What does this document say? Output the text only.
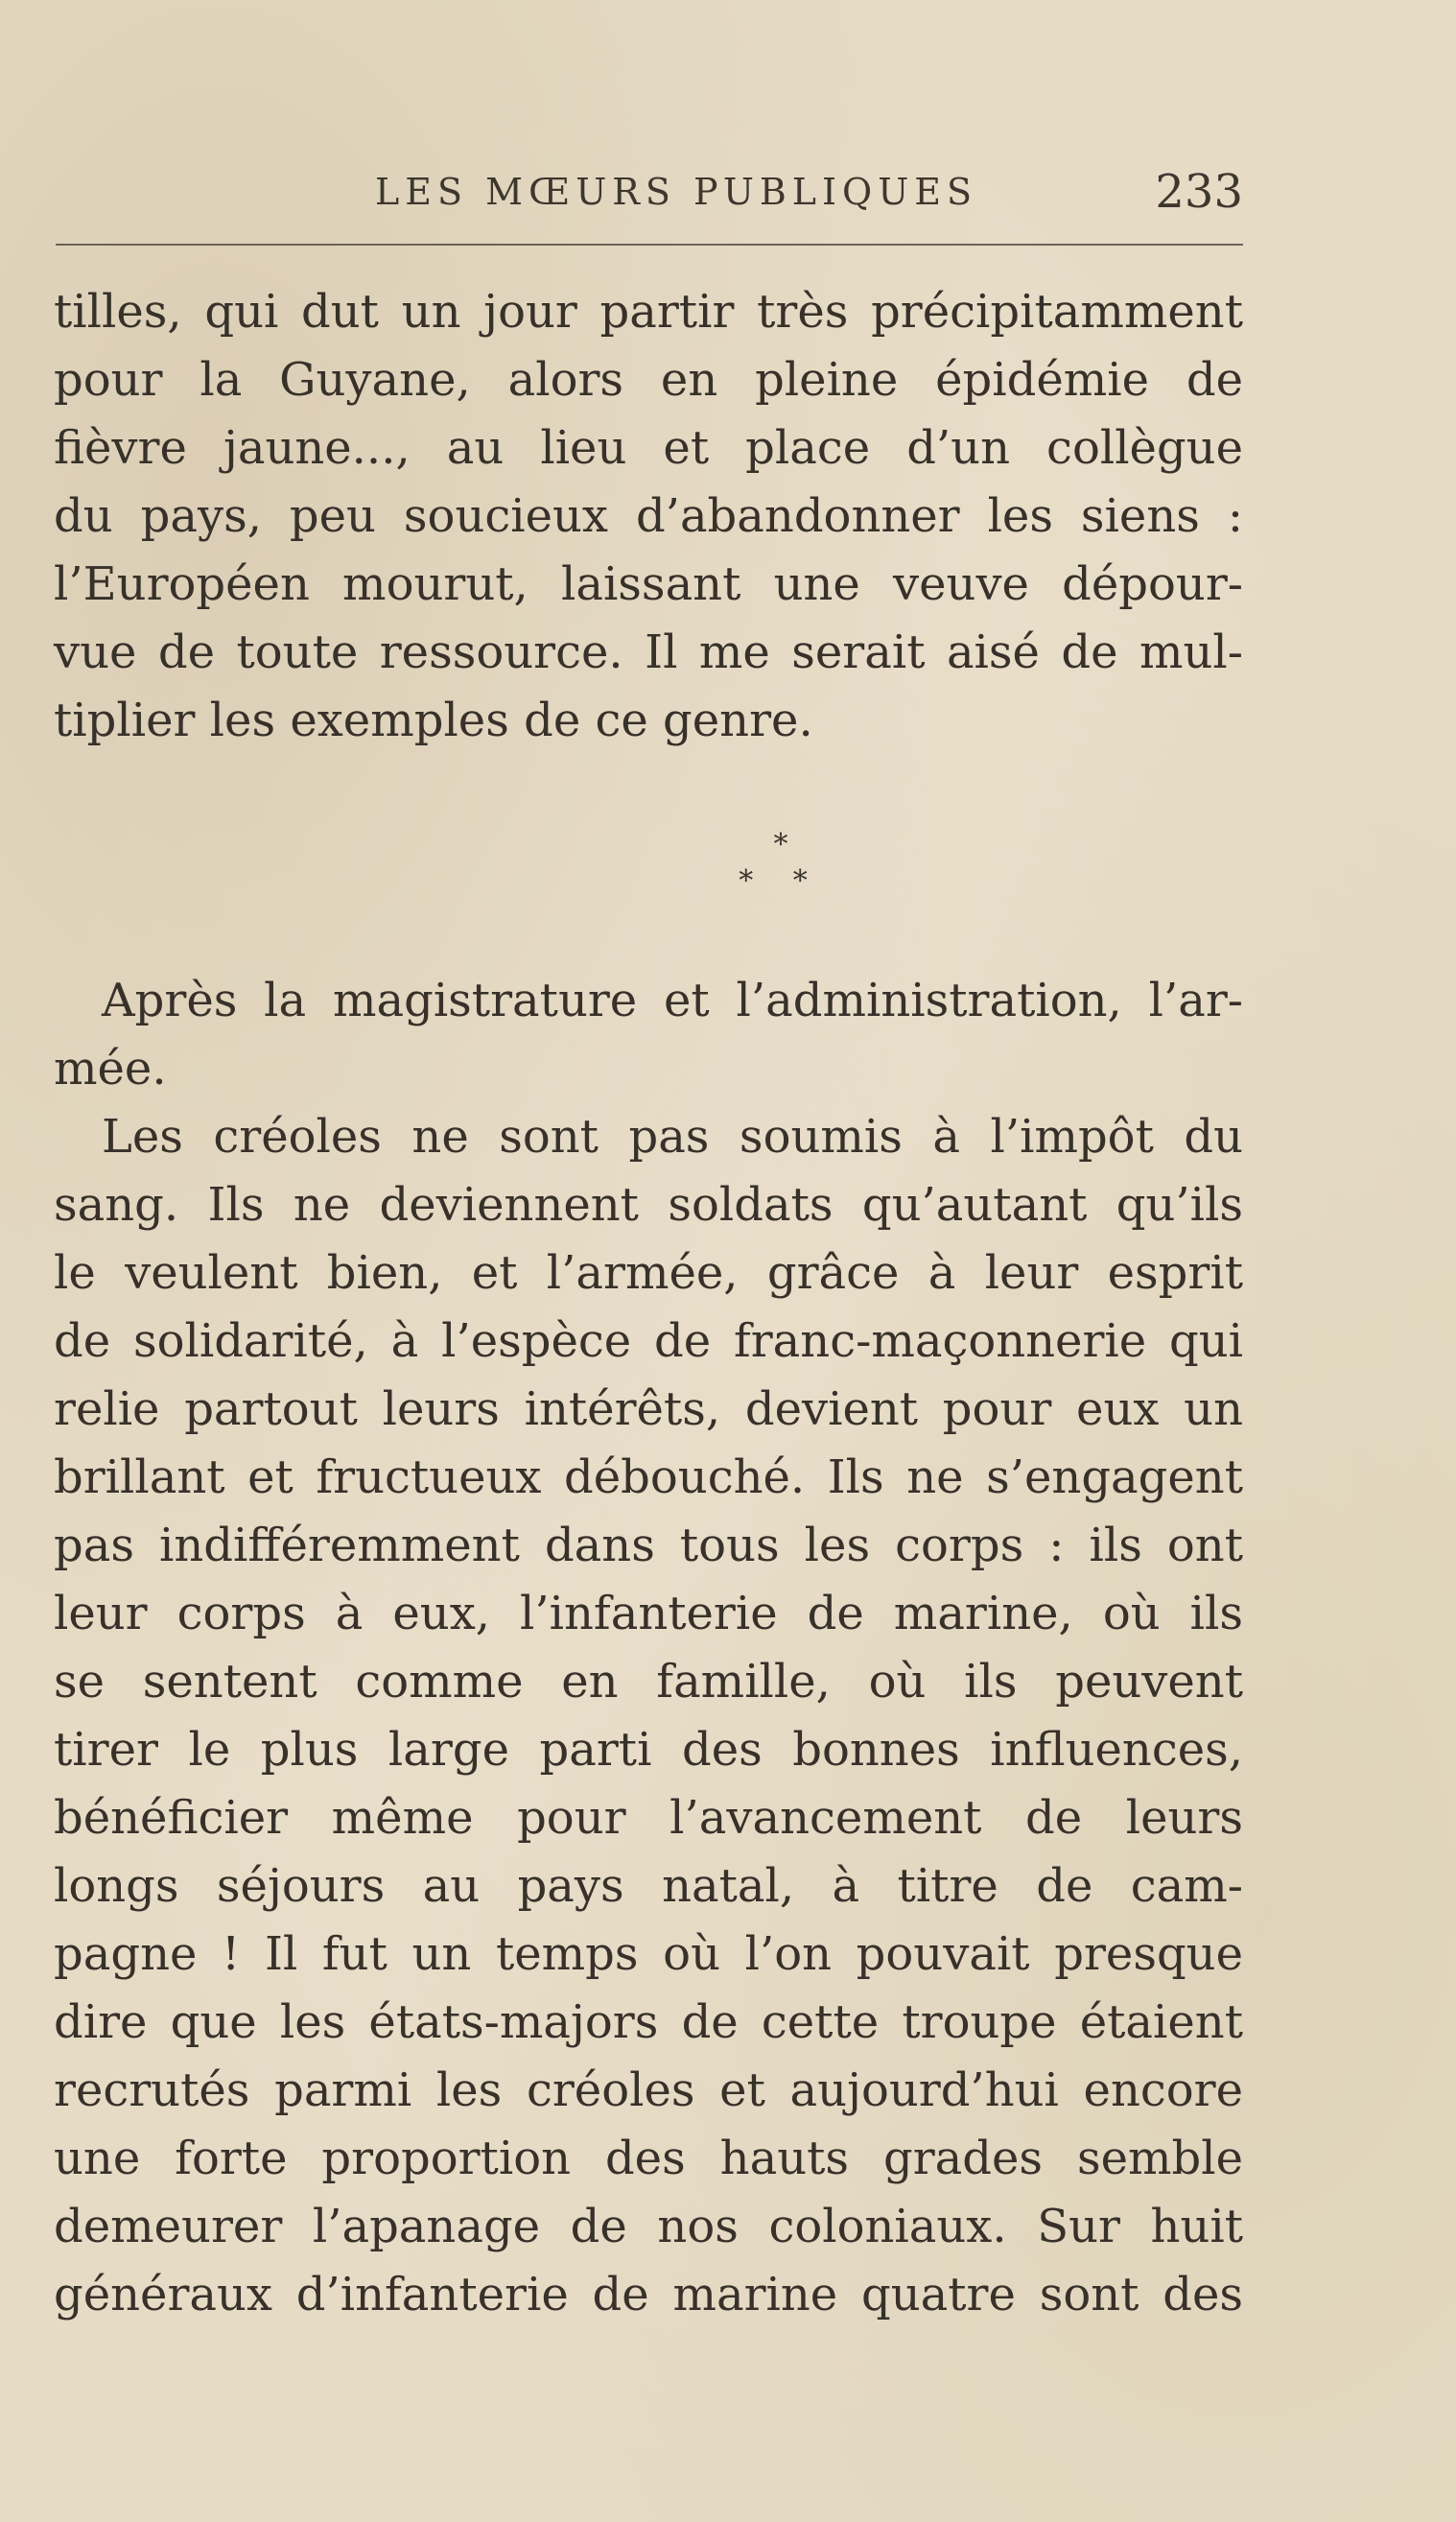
LES MŒURS PUBLIQUES	233
tilles, qui dut un jour partir très précipitamment
pour la Guyane, alors en pleine épidémie de
fièvre jaune..., au lieu et place d’un collègue
du pays, peu soucieux d’abandonner les siens :
l’Européen mourut, laissant une veuve dépour-
vue de toute ressource. Il me serait aisé de mul-
tiplier les exemples de ce genre.
*
* *
Après la magistrature et l’administration, l’ar-
mée.
Les créoles ne sont pas soumis à l’impôt du
sang. Ils ne deviennent soldats qu’autant qu’ils
le veulent bien, et l’armée, grâce à leur esprit
de solidarité, à l’espèce de franc-maçonnerie qui
relie partout leurs intérêts, devient pour eux un
brillant et fructueux débouché. Ils ne s’engagent
pas indifféremment dans tous les corps : ils ont
leur corps à eux, l’infanterie de marine, où ils
se sentent comme en famille, où ils peuvent
tirer le plus large parti des bonnes influences,
bénéficier même pour l’avancement de leurs
longs séjours au pays natal, à titre de cam-
pagne ! Il fut un temps où l’on pouvait presque
dire que les états-majors de cette troupe étaient
recrutés parmi les créoles et aujourd’hui encore
une forte proportion des hauts grades semble
demeurer l’apanage de nos coloniaux. Sur huit
généraux d’infanterie de marine quatre sont des
